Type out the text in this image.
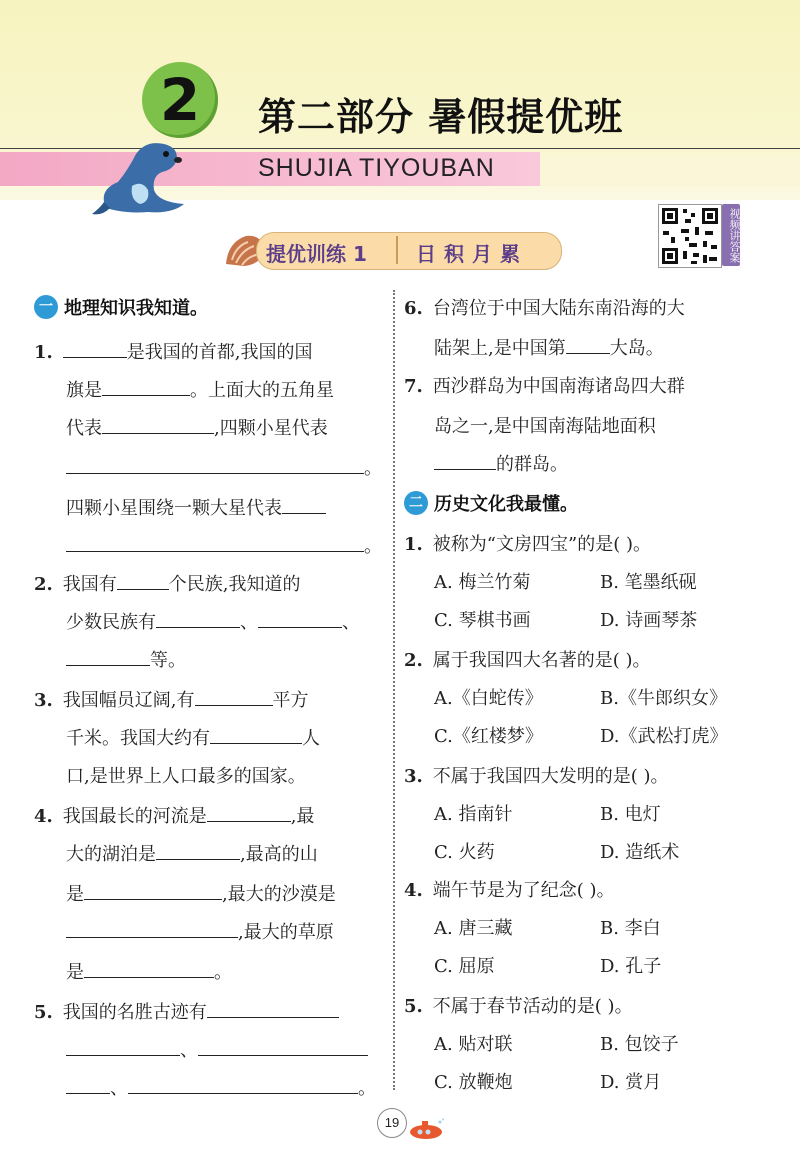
2	第二部分 暑假提优班
SHUJIA TIYOUBAN
视频讲答案
提优训练 1 日积月累
一 地理知识我知道。
1.	是我国的首都,我国的国
旗是	。上面大的五角星
代表	,四颗小星代表
。
四颗小星围绕一颗大星代表
。
2. 我国有	个民族,我知道的
少数民族有	、	、
等。
3. 我国幅员辽阔,有	平方
千米。我国大约有	人
口,是世界上人口最多的国家。
4. 我国最长的河流是	,最
大的湖泊是	,最高的山
是	,最大的沙漠是
,最大的草原
是	。
5. 我国的名胜古迹有
、
、	。
6. 台湾位于中国大陆东南沿海的大
陆架上,是中国第 大岛。
7. 西沙群岛为中国南海诸岛四大群
岛之一,是中国南海陆地面积
的群岛。
二 历史文化我最懂。
1. 被称为“文房四宝”的是( )。
A. 梅兰竹菊	B. 笔墨纸砚
C. 琴棋书画	D. 诗画琴茶
2. 属于我国四大名著的是( )。
A.《白蛇传》	B.《牛郎织女》
C.《红楼梦》	D.《武松打虎》
3. 不属于我国四大发明的是( )。
A. 指南针	B. 电灯
C. 火药	D. 造纸术
4. 端午节是为了纪念( )。
A. 唐三藏	B. 李白
C. 屈原	D. 孔子
5. 不属于春节活动的是( )。
A. 贴对联	B. 包饺子
C. 放鞭炮	D. 赏月
19
